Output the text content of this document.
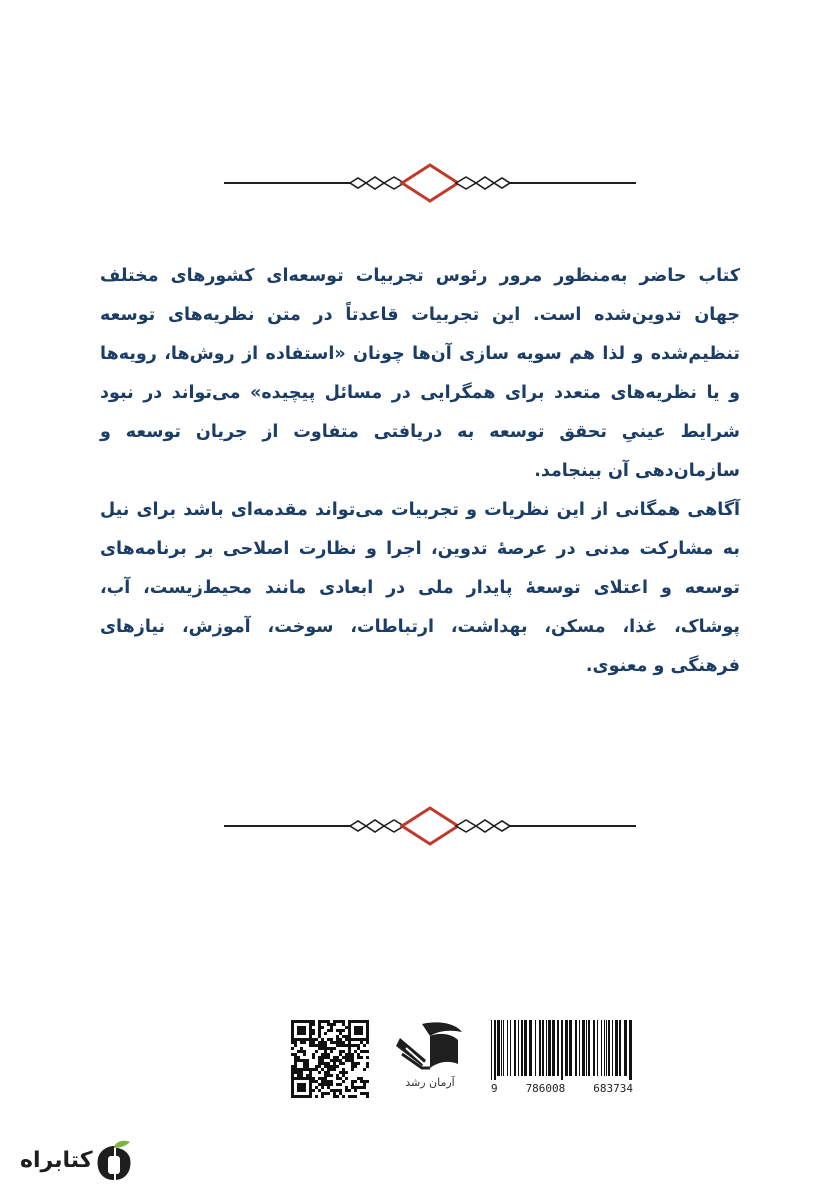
کتاب حاضر به‌منظور مرور رئوس تجربیات توسعه‌ای کشورهای مختلف جهان تدوین‌شده است. این تجربیات قاعدتاً در متن نظریه‌های توسعه تنظیم‌شده و لذا هم سویه سازی آن‌ها چونان «استفاده از روش‌ها، رویه‌ها و یا نظریه‌های متعدد برای همگرایی در مسائل پیچیده» می‌تواند در نبود شرایط عینیِ تحقق توسعه به دریافتی متفاوت از جریان توسعه و سازمان‌دهی آن بینجامد.

آگاهی همگانی از این نظریات و تجربیات می‌تواند مقدمه‌ای باشد برای نیل به مشارکت مدنی در عرصهٔ تدوین، اجرا و نظارت اصلاحی بر برنامه‌های توسعه و اعتلای توسعهٔ پایدار ملی در ابعادی مانند محیط‌زیست، آب، پوشاک، غذا، مسکن، بهداشت، ارتباطات، سوخت، آموزش، نیازهای فرهنگی و معنوی.

آرمان رشد	9	786008	683734
کتابراه
